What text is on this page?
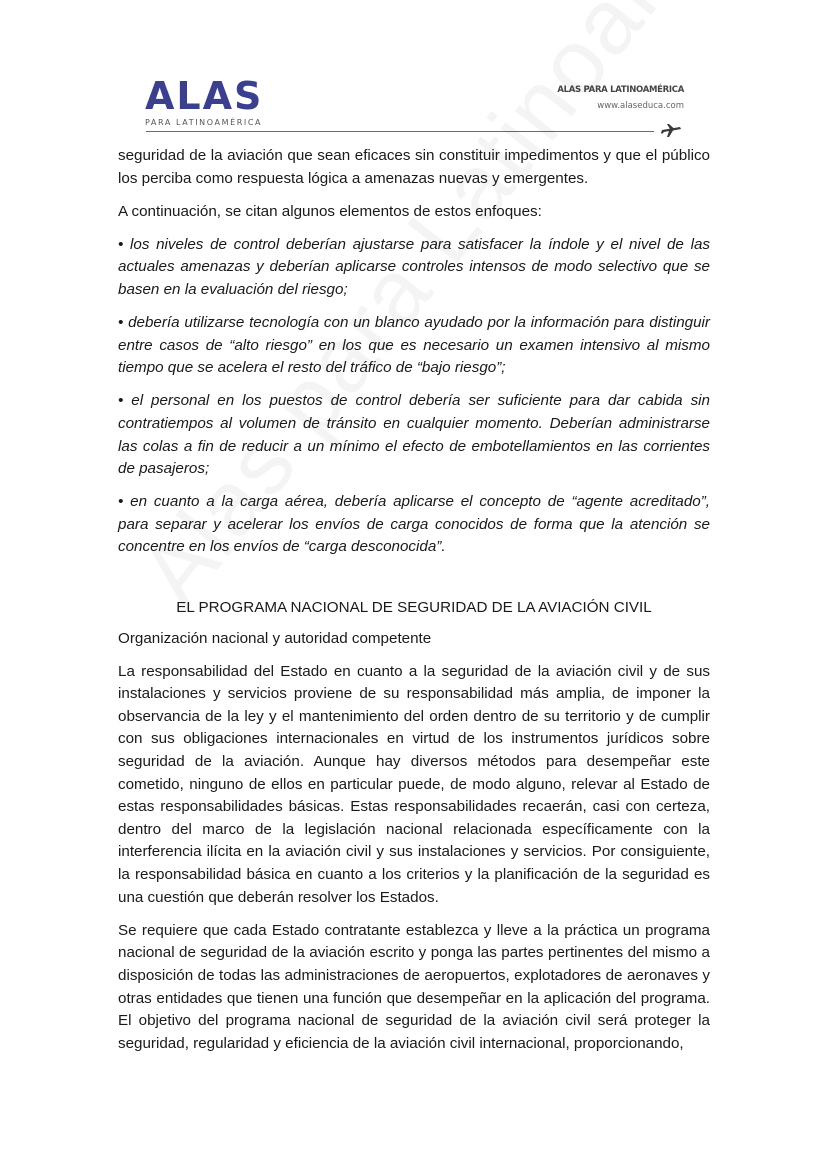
ALAS
PARA LATINOAMÉRICA
ALAS PARA LATINOAMÉRICA
www.alaseduca.com

seguridad de la aviación que sean eficaces sin constituir impedimentos y que el público los perciba como respuesta lógica a amenazas nuevas y emergentes.

A continuación, se citan algunos elementos de estos enfoques:

• los niveles de control deberían ajustarse para satisfacer la índole y el nivel de las actuales amenazas y deberían aplicarse controles intensos de modo selectivo que se basen en la evaluación del riesgo;

• debería utilizarse tecnología con un blanco ayudado por la información para distinguir entre casos de “alto riesgo” en los que es necesario un examen intensivo al mismo tiempo que se acelera el resto del tráfico de “bajo riesgo”;

• el personal en los puestos de control debería ser suficiente para dar cabida sin contratiempos al volumen de tránsito en cualquier momento. Deberían administrarse las colas a fin de reducir a un mínimo el efecto de embotellamientos en las corrientes de pasajeros;

• en cuanto a la carga aérea, debería aplicarse el concepto de “agente acreditado”, para separar y acelerar los envíos de carga conocidos de forma que la atención se concentre en los envíos de “carga desconocida”.

EL PROGRAMA NACIONAL DE SEGURIDAD DE LA AVIACIÓN CIVIL

Organización nacional y autoridad competente

La responsabilidad del Estado en cuanto a la seguridad de la aviación civil y de sus instalaciones y servicios proviene de su responsabilidad más amplia, de imponer la observancia de la ley y el mantenimiento del orden dentro de su territorio y de cumplir con sus obligaciones internacionales en virtud de los instrumentos jurídicos sobre seguridad de la aviación. Aunque hay diversos métodos para desempeñar este cometido, ninguno de ellos en particular puede, de modo alguno, relevar al Estado de estas responsabilidades básicas. Estas responsabilidades recaerán, casi con certeza, dentro del marco de la legislación nacional relacionada específicamente con la interferencia ilícita en la aviación civil y sus instalaciones y servicios. Por consiguiente, la responsabilidad básica en cuanto a los criterios y la planificación de la seguridad es una cuestión que deberán resolver los Estados.

Se requiere que cada Estado contratante establezca y lleve a la práctica un programa nacional de seguridad de la aviación escrito y ponga las partes pertinentes del mismo a disposición de todas las administraciones de aeropuertos, explotadores de aeronaves y otras entidades que tienen una función que desempeñar en la aplicación del programa. El objetivo del programa nacional de seguridad de la aviación civil será proteger la seguridad, regularidad y eficiencia de la aviación civil internacional, proporcionando,
